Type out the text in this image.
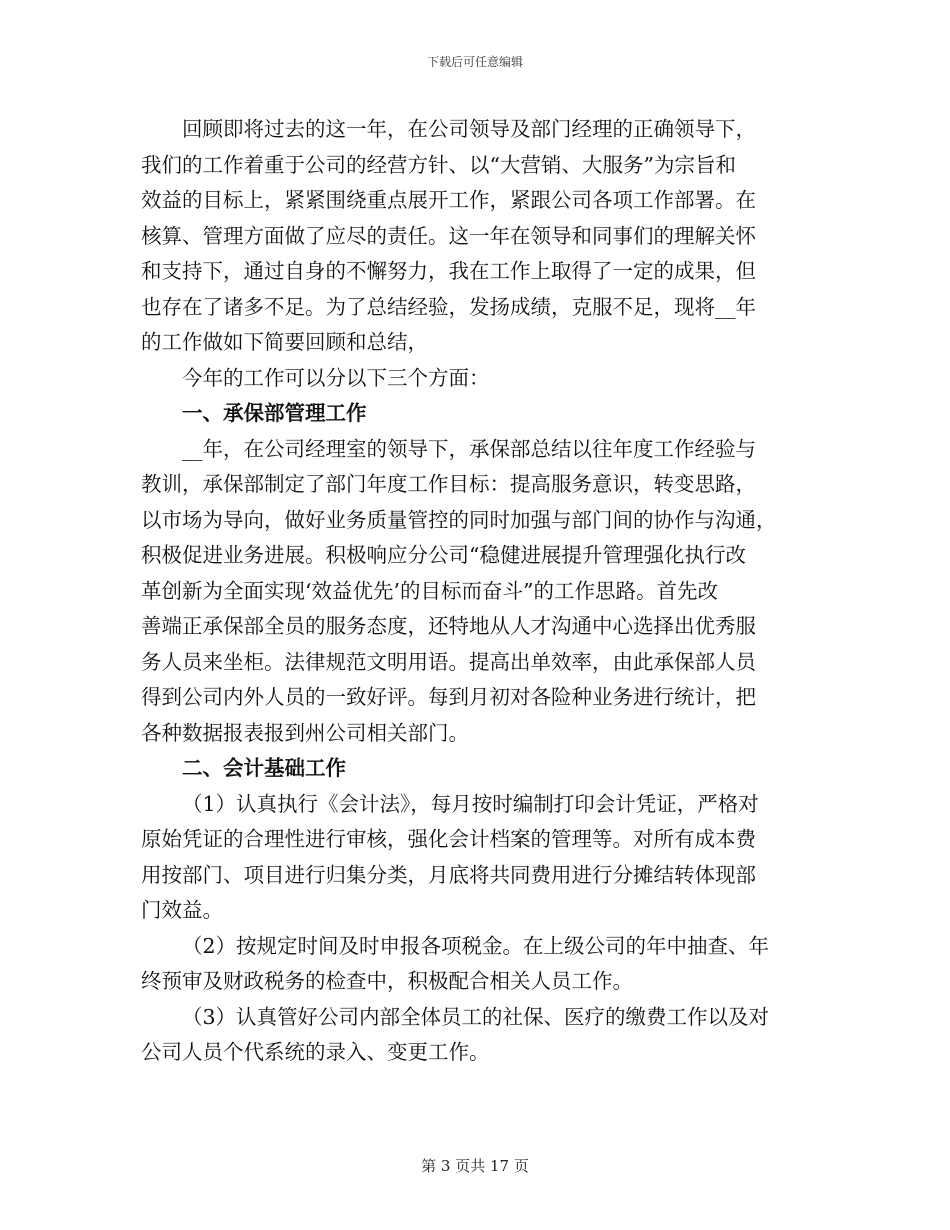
下载后可任意编辑
回顾即将过去的这一年，在公司领导及部门经理的正确领导下，
我们的工作着重于公司的经营方针、以“大营销、大服务”为宗旨和
效益的目标上，紧紧围绕重点展开工作，紧跟公司各项工作部署。在
核算、管理方面做了应尽的责任。这一年在领导和同事们的理解关怀
和支持下，通过自身的不懈努力，我在工作上取得了一定的成果，但
也存在了诸多不足。为了总结经验，发扬成绩，克服不足，现将__年
的工作做如下简要回顾和总结，
今年的工作可以分以下三个方面：
一、承保部管理工作
__年，在公司经理室的领导下，承保部总结以往年度工作经验与
教训，承保部制定了部门年度工作目标：提高服务意识，转变思路，
以市场为导向，做好业务质量管控的同时加强与部门间的协作与沟通，
积极促进业务进展。积极响应分公司“稳健进展提升管理强化执行改
革创新为全面实现‘效益优先’的目标而奋斗”的工作思路。首先改
善端正承保部全员的服务态度，还特地从人才沟通中心选择出优秀服
务人员来坐柜。法律规范文明用语。提高出单效率，由此承保部人员
得到公司内外人员的一致好评。每到月初对各险种业务进行统计，把
各种数据报表报到州公司相关部门。
二、会计基础工作
（1）认真执行《会计法》，每月按时编制打印会计凭证，严格对
原始凭证的合理性进行审核，强化会计档案的管理等。对所有成本费
用按部门、项目进行归集分类，月底将共同费用进行分摊结转体现部
门效益。
（2）按规定时间及时申报各项税金。在上级公司的年中抽查、年
终预审及财政税务的检查中，积极配合相关人员工作。
（3）认真管好公司内部全体员工的社保、医疗的缴费工作以及对
公司人员个代系统的录入、变更工作。
第 3 页共 17 页
